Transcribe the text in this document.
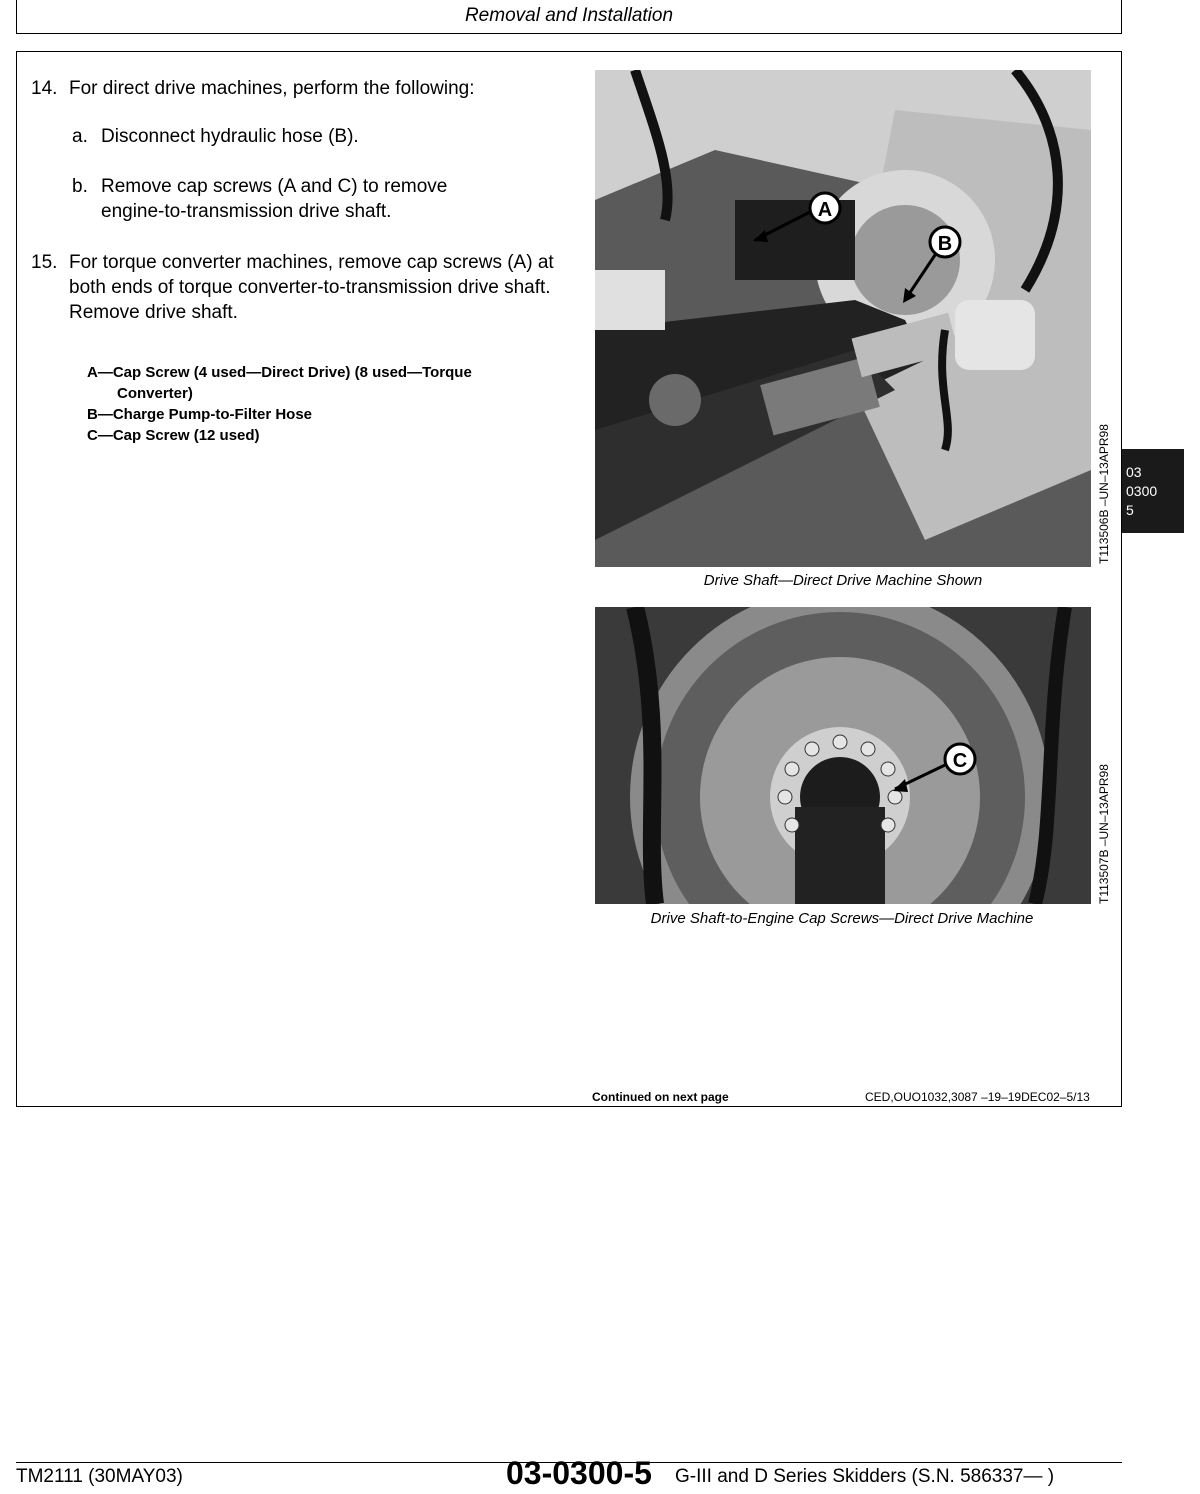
Removal and Installation
14. For direct drive machines, perform the following:
a. Disconnect hydraulic hose (B).
b. Remove cap screws (A and C) to remove engine-to-transmission drive shaft.
15. For torque converter machines, remove cap screws (A) at both ends of torque converter-to-transmission drive shaft. Remove drive shaft.
A—Cap Screw (4 used—Direct Drive) (8 used—Torque Converter)
B—Charge Pump-to-Filter Hose
C—Cap Screw (12 used)
A
B
T113506B –UN–13APR98
Drive Shaft—Direct Drive Machine Shown
C
T113507B –UN–13APR98
Drive Shaft-to-Engine Cap Screws—Direct Drive Machine
Continued on next page	CED,OUO1032,3087 –19–19DEC02–5/13
03
0300
5
TM2111 (30MAY03)	03-0300-5 G-III and D Series Skidders (S.N. 586337— )
